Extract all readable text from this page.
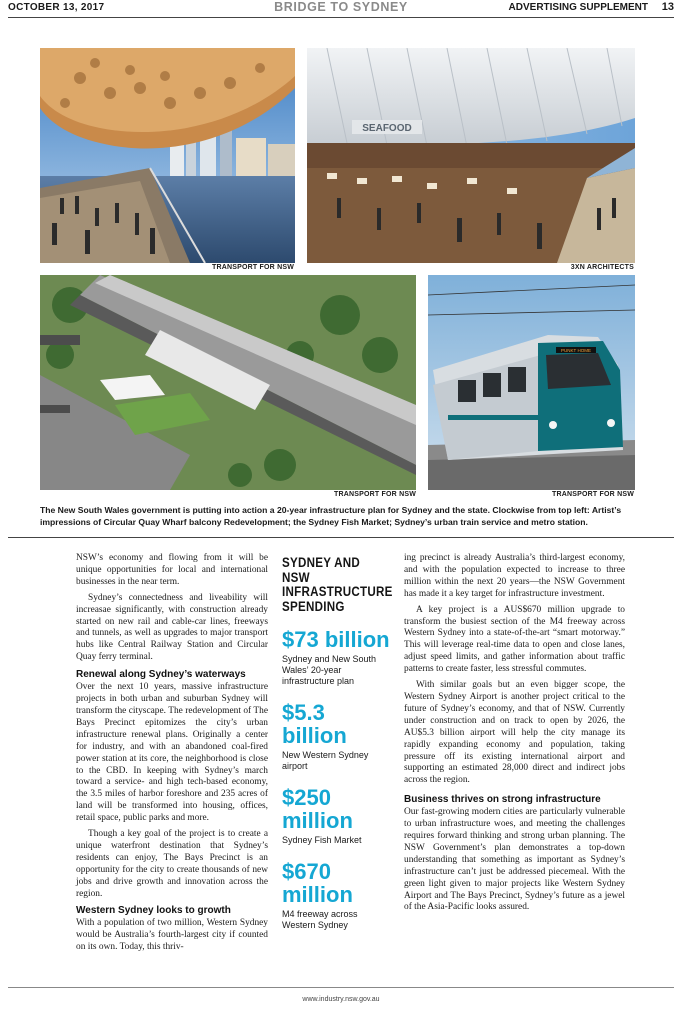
OCTOBER 13, 2017	BRIDGE TO SYDNEY	ADVERTISING SUPPLEMENT 13
SEAFOOD
TRANSPORT FOR NSW	3XN ARCHITECTS
PUNKT HOME
TRANSPORT FOR NSW	TRANSPORT FOR NSW
The New South Wales government is putting into action a 20-year infrastructure plan for Sydney and the state. Clockwise from top left: Artist’s impressions of Circular Quay Wharf balcony Redevelopment; the Sydney Fish Market; Sydney’s urban train service and metro station.

NSW’s economy and flowing from it will be unique opportunities for local and international businesses in the near term.

Sydney’s connectedness and liveability will increasae significantly, with construction already started on new rail and cable-car lines, freeways and tunnels, as well as upgrades to major transport hubs like Central Railway Station and Circular Quay ferry terminal.

Renewal along Sydney’s waterways

Over the next 10 years, massive infrastructure projects in both urban and suburban Sydney will transform the cityscape. The redevelopment of The Bays Precinct epitomizes the city’s urban infrastructure renewal plans. Originally a center for industry, and with an abandoned coal-fired power station at its core, the neighborhood is close to the CBD. In keeping with Sydney’s march toward a service- and high tech-based economy, the 3.5 miles of harbor foreshore and 235 acres of land will be transformed into housing, offices, retail space, public parks and more.

Though a key goal of the project is to create a unique waterfront destination that Sydney’s residents can enjoy, The Bays Precinct is an opportunity for the city to create thousands of new jobs and drive growth and innovation across the region.

Western Sydney looks to growth

With a population of two million, Western Sydney would be Australia’s fourth-largest city if counted on its own. Today, this thriv-

SYDNEY AND NSW INFRASTRUCTURE SPENDING
$73 billion
Sydney and New South Wales’ 20-year infrastructure plan
$5.3 billion
New Western Sydney airport
$250 million
Sydney Fish Market
$670 million
M4 freeway across Western Sydney

ing precinct is already Australia’s third-largest economy, and with the population expected to increase to three million within the next 20 years—the NSW Government has made it a key target for infrastructure investment.

A key project is a AUS$670 million upgrade to transform the busiest section of the M4 freeway across Western Sydney into a state-of-the-art “smart motorway.” This will leverage real-time data to open and close lanes, adjust speed limits, and gather information about traffic patterns to create faster, less stressful commutes.

With similar goals but an even bigger scope, the Western Sydney Airport is another project critical to the future of Sydney’s economy, and that of NSW. Currently under construction and on track to open by 2026, the AU$5.3 billion airport will help the city manage its rapidly expanding economy and population, taking pressure off its existing international airport and supporting an estimated 28,000 direct and indirect jobs across the region.

Business thrives on strong infrastructure

Our fast-growing modern cities are particularly vulnerable to urban infrastructure woes, and meeting the challenges requires forward thinking and strong urban planning. The NSW Government’s plan demonstrates a top-down understanding that something as important as Sydney’s infrastructure can’t just be addressed piecemeal. With the green light given to major projects like Western Sydney Airport and The Bays Precinct, Sydney’s future as a jewel of the Asia-Pacific looks assured.

www.industry.nsw.gov.au
